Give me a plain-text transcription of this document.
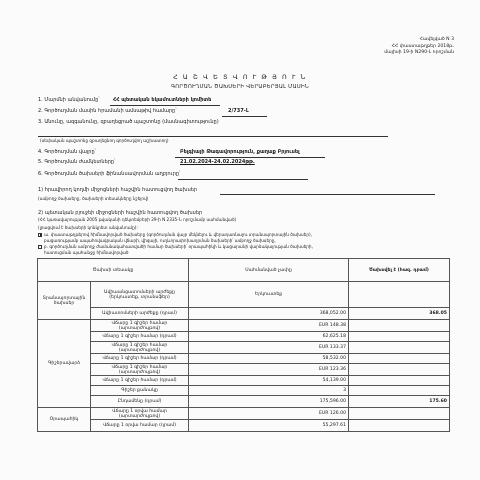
Հավելված N 3
ՀՀ փաստաթղթեր 2018թ.
մայիսի 19-ի N290-Լ որոշման
Հ Ա Շ Վ Ե Տ Վ Ո Ւ Թ Յ Ո Ւ Ն
ԳՈՐԾՈՒՂՄԱՆ ԾԱԽՍԵՐԻ ՎԵՐԱԲԵՐՅԱԼ ՄԱՍԻՆ
1. Մարմնի անվանումը՝	ՀՀ պետական եկամուտների կոմիտե
2. Գործուղման մասին հրամանի ամսաթիվ համարը՝	2/737-Լ
3. Անունը, ազգանունը, զբաղեցրած պաշտոնը (մասնագիտությունը)
(սեփական պաշտոնը զբաղեցնող գործուղվող աշխատող)
4. Գործուղման վայրը՝	Բելգիայի Թագավորություն, քաղաք Բրյուսել
5. Գործուղման ժամկետները՝	21.02.2024-24.02.2024թթ.
6. Գործուղման ծախսերի ֆինանսավորման աղբյուրը՝
1) հրավիրող կողմի միջոցների հաշվին հատուցվող ծախսեր
(ամբողջ ծախսերը, ծախսերի տեսակները նշելով)
2) պետական բյուջեի միջոցների հաշվին հատուցվող ծախսեր
(ՀՀ կառավարության 2005 թվականի դեկտեմբերի 29-ի N 2335-Ն որոշմամբ սահմանված)
(լրացվում է ծախսերի կոնկրետ անվանումը):
ա. փաստաթղթերով հիմնավորված ծախսերը (գործուղման վայր մեկնելու և վերադառնալու տրանսպորտային ծախսեր),
բացառությամբ ապահովագրական վճարի, վիզայի, ուղևորափոխադրման ծախսերի՝ ամբողջ ծախսերը,
բ. գործուղման ամբողջ ժամանակահատվածի համար ծախսերի՝ օրապահիկի և կացարանի վարձակալության ծախսերի,
հատուցման պահանջը հիմնավորված
Ծախսի տեսակը		Սահմանված չափը	Ծախսվել է (հազ. դրամ)
Տրանսպորտային ծախսեր	Ավիաանցատոմսերի արժեքը (երկուստեք, տրանսֆեր)	Երկուստեք	
	Ավիատոմսերի արժեքը (դրամ)	368,052.00	368.05
Գիշերավարձ	Վճարը 1 գիշեր համար (արտարժույթով)	EUR 148.38	
	Վճարը 1 գիշեր համար (դրամ)	62,625.18	
	Վճարը 1 գիշեր համար (արտարժույթով)	EUR 133.37	
	Վճարը 1 գիշեր համար (դրամ)	58,532.00	
	Վճարը 1 գիշեր համար (արտարժույթով)	EUR 123.36	
	Վճարը 1 գիշեր համար (դրամ)	54,139.00	
	Գիշեր քանակը	3	
	Ընդամենը (դրամ)	175,596.00	175.60
Օրապահիկ	Վճարը 1 օրվա համար (արտարժույթով)	EUR 126.00	
	Վճարը 1 օրվա համար (դրամ)	55,297.61	
